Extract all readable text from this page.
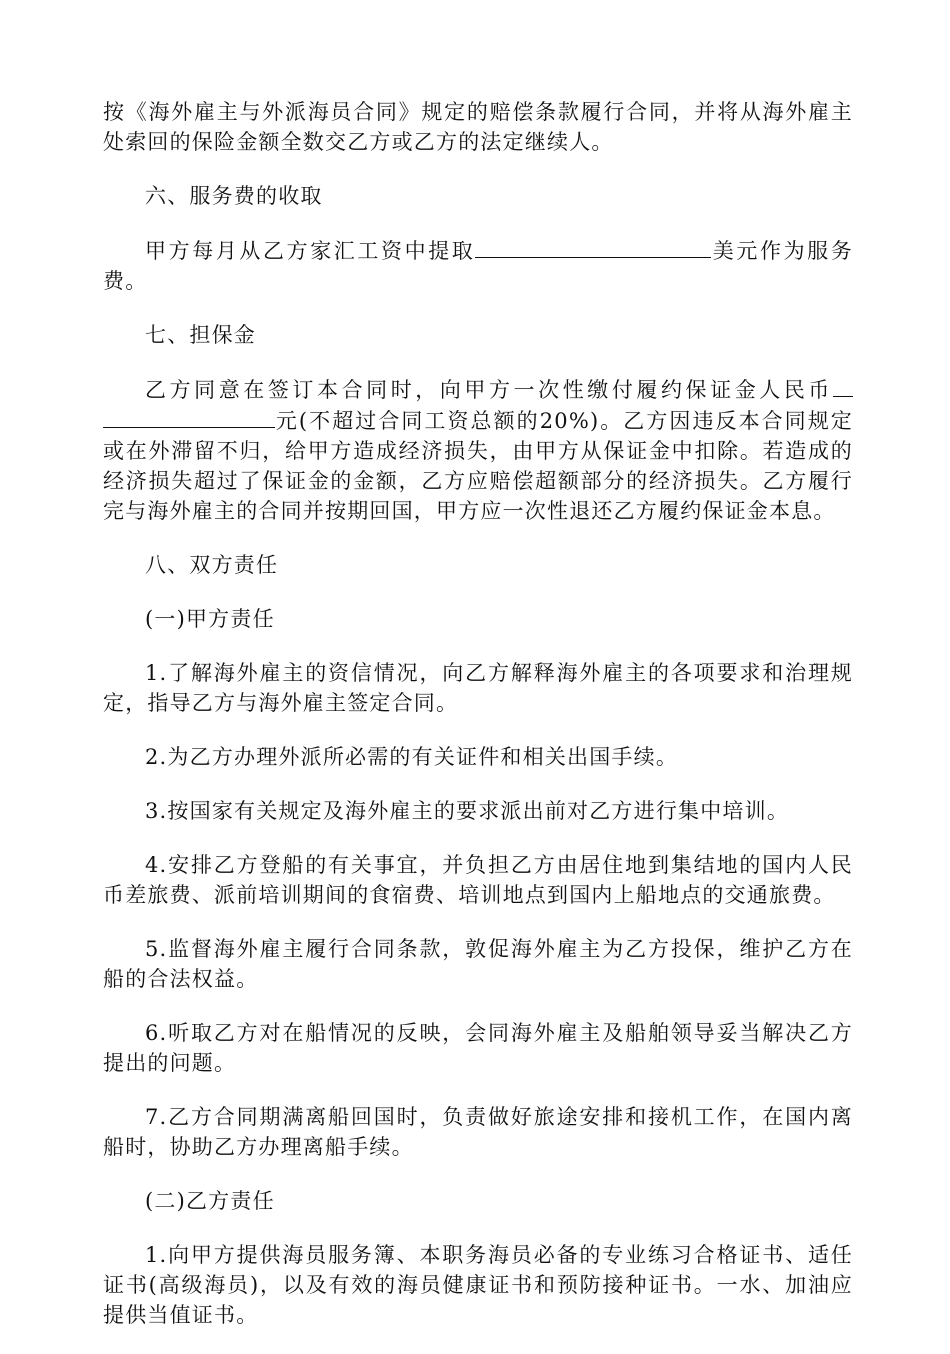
按《海外雇主与外派海员合同》规定的赔偿条款履行合同，并将从海外雇主处索回的保险金额全数交乙方或乙方的法定继续人。

六、服务费的收取

甲方每月从乙方家汇工资中提取	美元作为服务费。

七、担保金

乙方同意在签订本合同时，向甲方一次性缴付履约保证金人民币元(不超过合同工资总额的20%)。乙方因违反本合同规定或在外滞留不归，给甲方造成经济损失，由甲方从保证金中扣除。若造成的经济损失超过了保证金的金额，乙方应赔偿超额部分的经济损失。乙方履行完与海外雇主的合同并按期回国，甲方应一次性退还乙方履约保证金本息。

八、双方责任

(一)甲方责任

1.了解海外雇主的资信情况，向乙方解释海外雇主的各项要求和治理规定，指导乙方与海外雇主签定合同。

2.为乙方办理外派所必需的有关证件和相关出国手续。

3.按国家有关规定及海外雇主的要求派出前对乙方进行集中培训。

4.安排乙方登船的有关事宜，并负担乙方由居住地到集结地的国内人民币差旅费、派前培训期间的食宿费、培训地点到国内上船地点的交通旅费。

5.监督海外雇主履行合同条款，敦促海外雇主为乙方投保，维护乙方在船的合法权益。

6.听取乙方对在船情况的反映，会同海外雇主及船舶领导妥当解决乙方提出的问题。

7.乙方合同期满离船回国时，负责做好旅途安排和接机工作，在国内离船时，协助乙方办理离船手续。

(二)乙方责任

1.向甲方提供海员服务簿、本职务海员必备的专业练习合格证书、适任证书(高级海员)，以及有效的海员健康证书和预防接种证书。一水、加油应提供当值证书。
